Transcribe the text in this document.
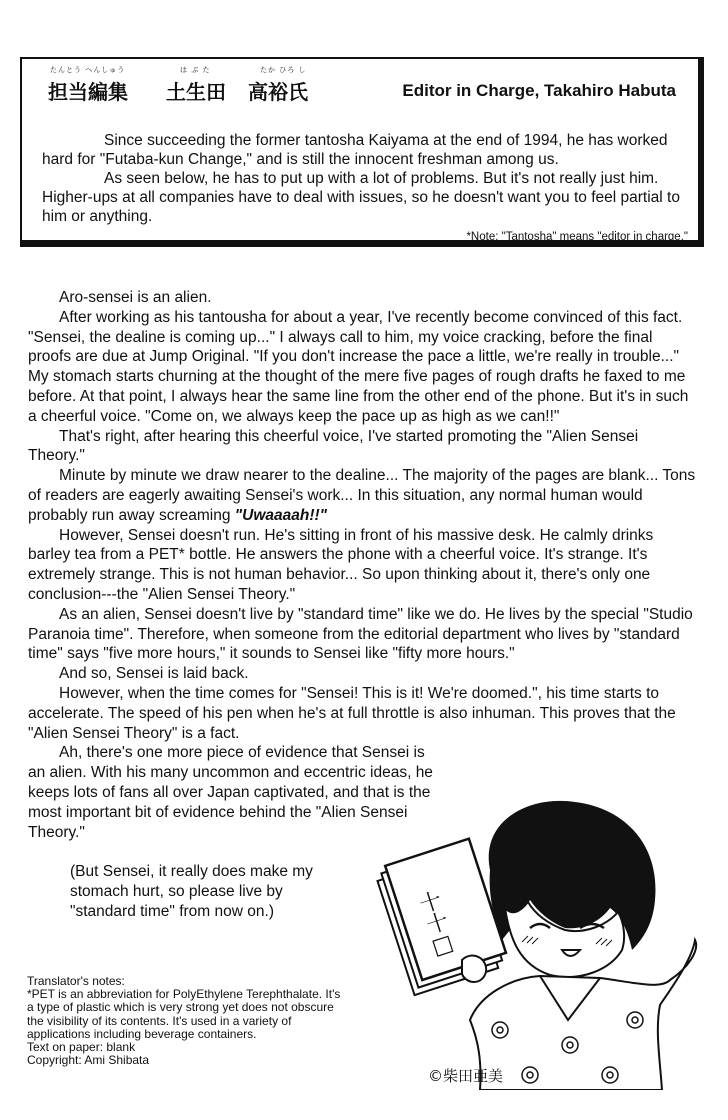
たんとう へんしゅう	は ぶ た	たか ひろ し
担当編集 土生田 高裕氏	Editor in Charge, Takahiro Habuta

Since succeeding the former tantosha Kaiyama at the end of 1994, he has worked hard for "Futaba-kun Change," and is still the innocent freshman among us.

As seen below, he has to put up with a lot of problems. But it's not really just him. Higher-ups at all companies have to deal with issues, so he doesn't want you to feel partial to him or anything.

*Note: "Tantosha" means "editor in charge."

Aro-sensei is an alien.

After working as his tantousha for about a year, I've recently become convinced of this fact. "Sensei, the dealine is coming up..." I always call to him, my voice cracking, before the final proofs are due at Jump Original. "If you don't increase the pace a little, we're really in trouble..." My stomach starts churning at the thought of the mere five pages of rough drafts he faxed to me before. At that point, I always hear the same line from the other end of the phone. But it's in such a cheerful voice. "Come on, we always keep the pace up as high as we can!!"

That's right, after hearing this cheerful voice, I've started promoting the "Alien Sensei Theory."

Minute by minute we draw nearer to the dealine... The majority of the pages are blank... Tons of readers are eagerly awaiting Sensei's work... In this situation, any normal human would probably run away screaming "Uwaaaah!!"

However, Sensei doesn't run. He's sitting in front of his massive desk. He calmly drinks barley tea from a PET* bottle. He answers the phone with a cheerful voice. It's strange. It's extremely strange. This is not human behavior... So upon thinking about it, there's only one conclusion---the "Alien Sensei Theory."

As an alien, Sensei doesn't live by "standard time" like we do. He lives by the special "Studio Paranoia time". Therefore, when someone from the editorial department who lives by "standard time" says "five more hours," it sounds to Sensei like "fifty more hours."

And so, Sensei is laid back.

However, when the time comes for "Sensei! This is it! We're doomed.", his time starts to accelerate. The speed of his pen when he's at full throttle is also inhuman. This proves that the "Alien Sensei Theory" is a fact.

Ah, there's one more piece of evidence that Sensei is an alien. With his many uncommon and eccentric ideas, he keeps lots of fans all over Japan captivated, and that is the most important bit of evidence behind the "Alien Sensei Theory."

(But Sensei, it really does make my stomach hurt, so please live by "standard time" from now on.)

Translator's notes:
*PET is an abbreviation for PolyEthylene Terephthalate. It's a type of plastic which is very strong yet does not obscure the visibility of its contents. It's used in a variety of applications including beverage containers.
Text on paper: blank
Copyright: Ami Shibata
十十□
©柴田亜美
